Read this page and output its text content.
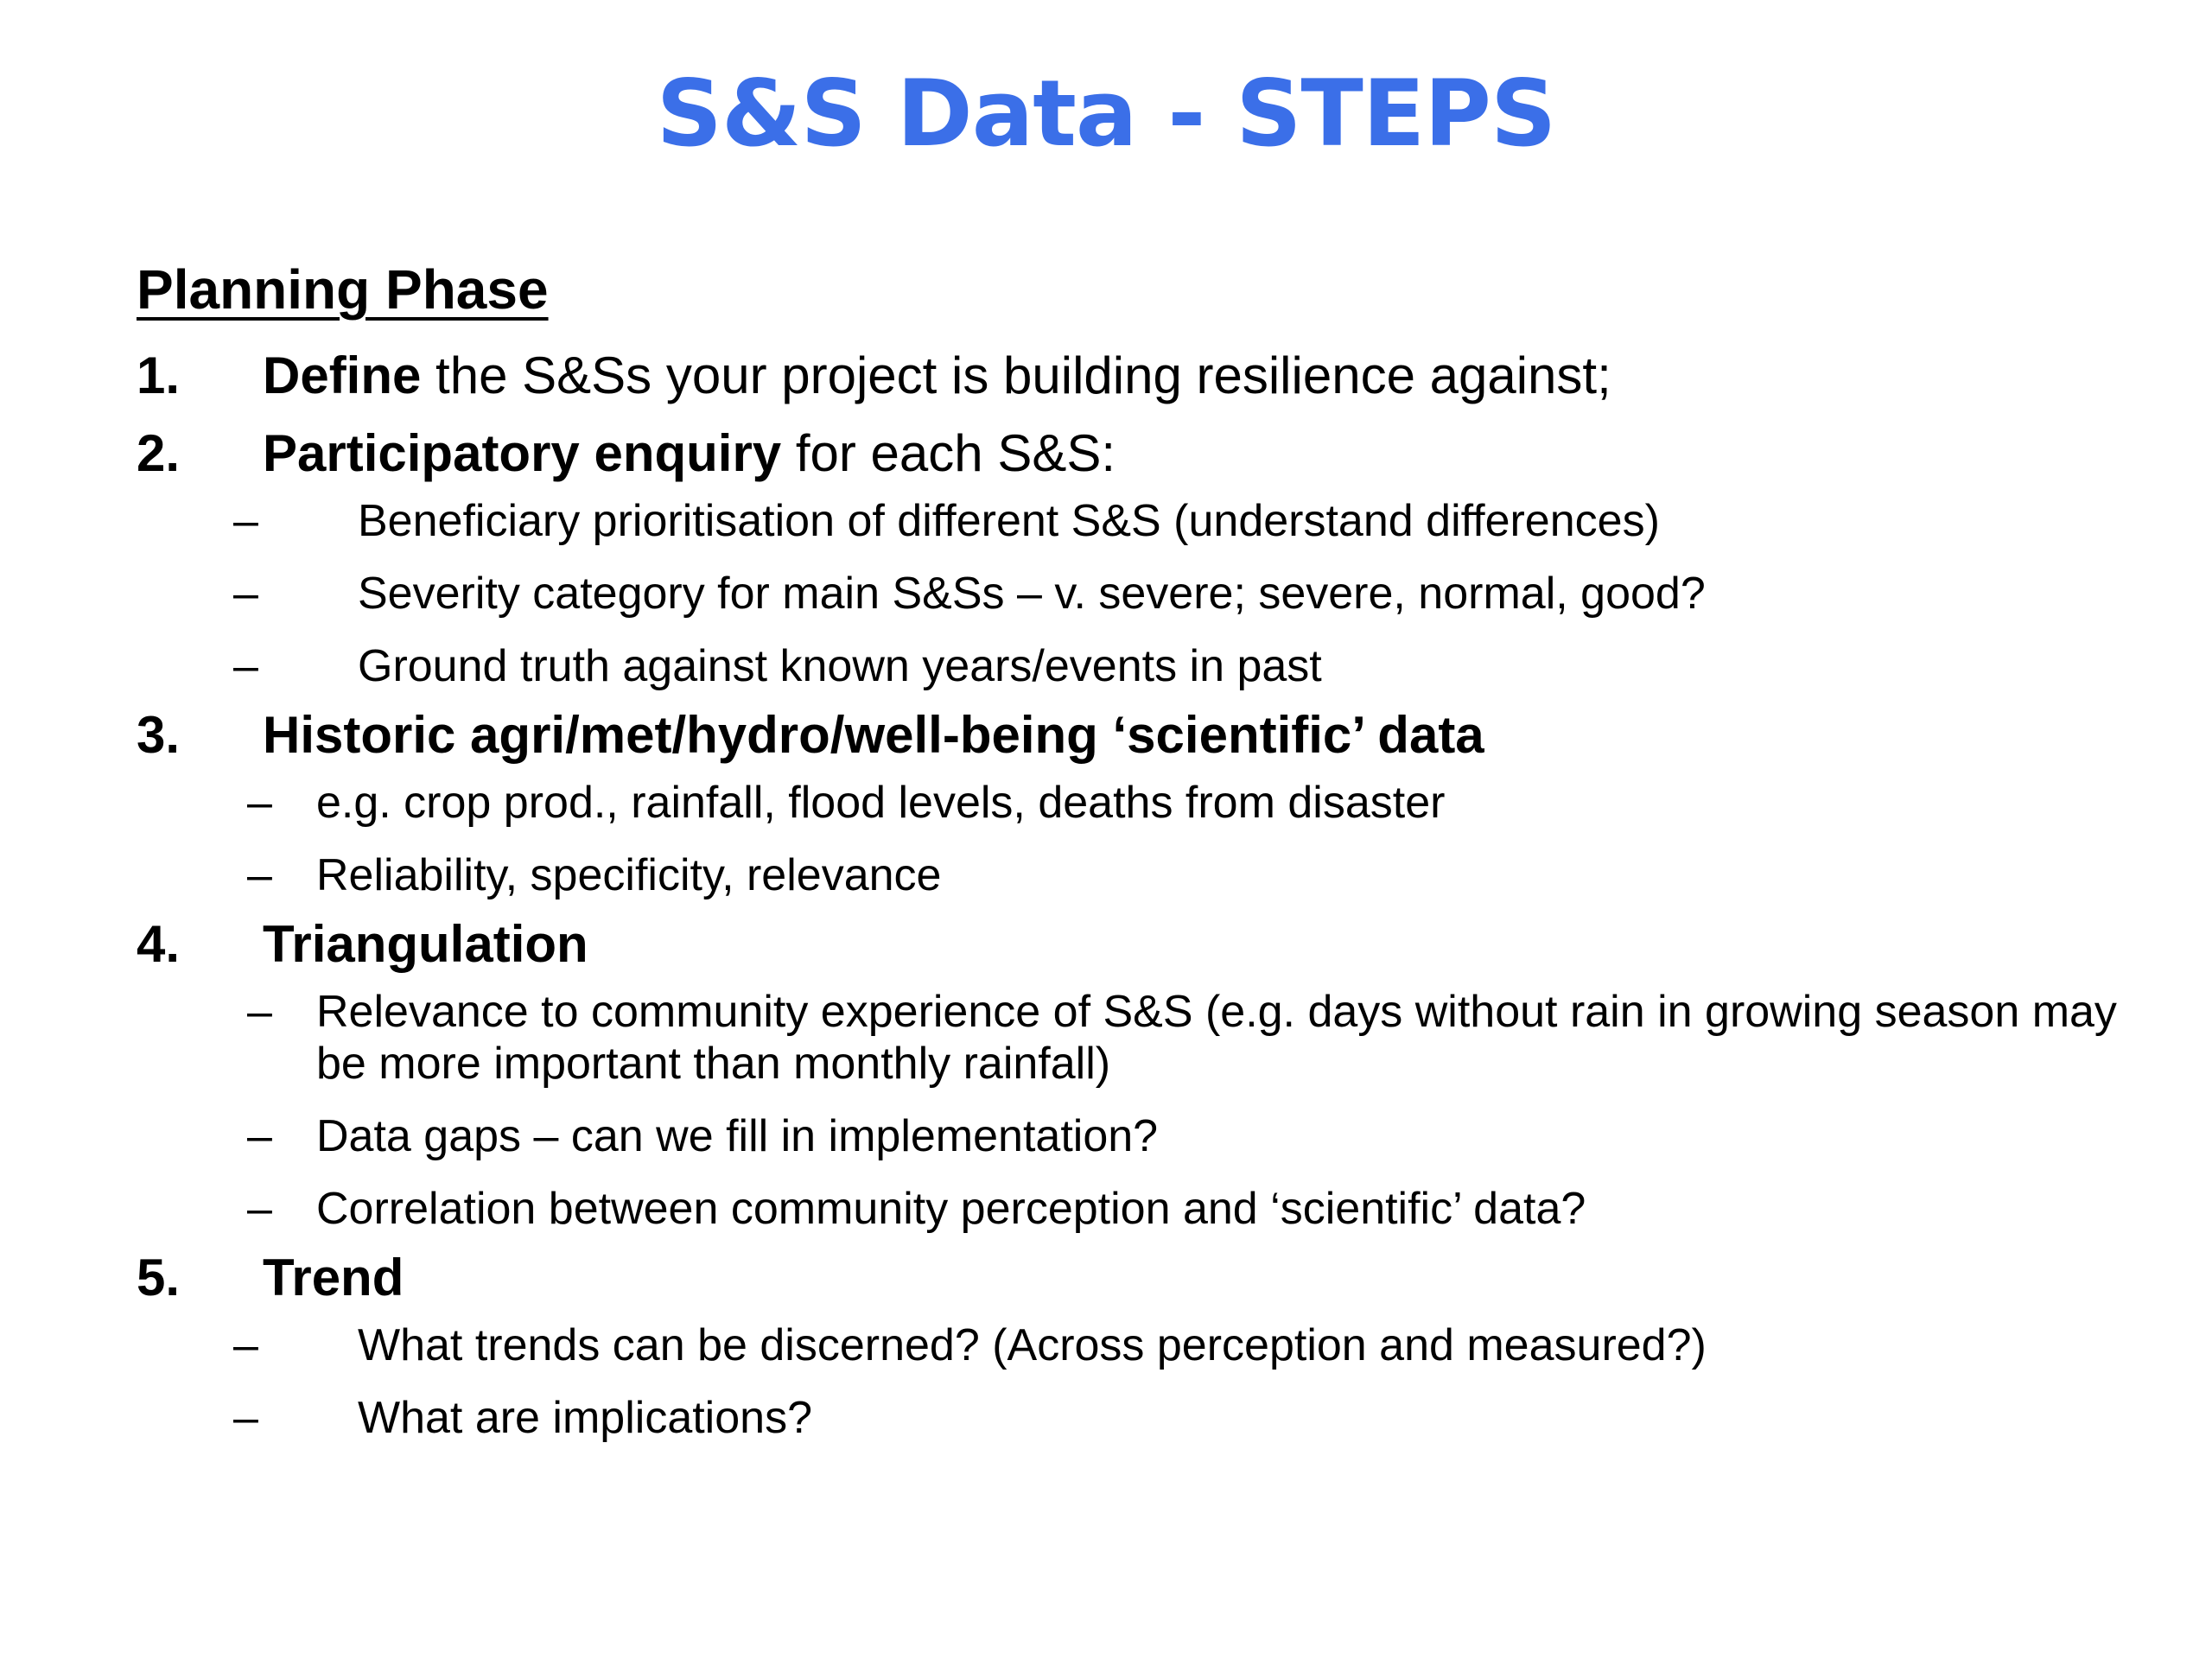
S&S Data - STEPS
Planning Phase
1.	Define the S&Ss your project is building resilience against;
2.	Participatory enquiry for each S&S:
–	Beneficiary prioritisation of different S&S (understand differences)
–	Severity category for main S&Ss – v. severe; severe, normal, good?
–	Ground truth against known years/events in past
3.	Historic agri/met/hydro/well-being ‘scientific’ data
– e.g. crop prod., rainfall, flood levels, deaths from disaster
– Reliability, specificity, relevance
4.	Triangulation
– Relevance to community experience of S&S (e.g. days without rain in growing season may be more important than monthly rainfall)
– Data gaps – can we fill in implementation?
– Correlation between community perception and ‘scientific’ data?
5.	Trend
–	What trends can be discerned? (Across perception and measured?)
–	What are implications?
